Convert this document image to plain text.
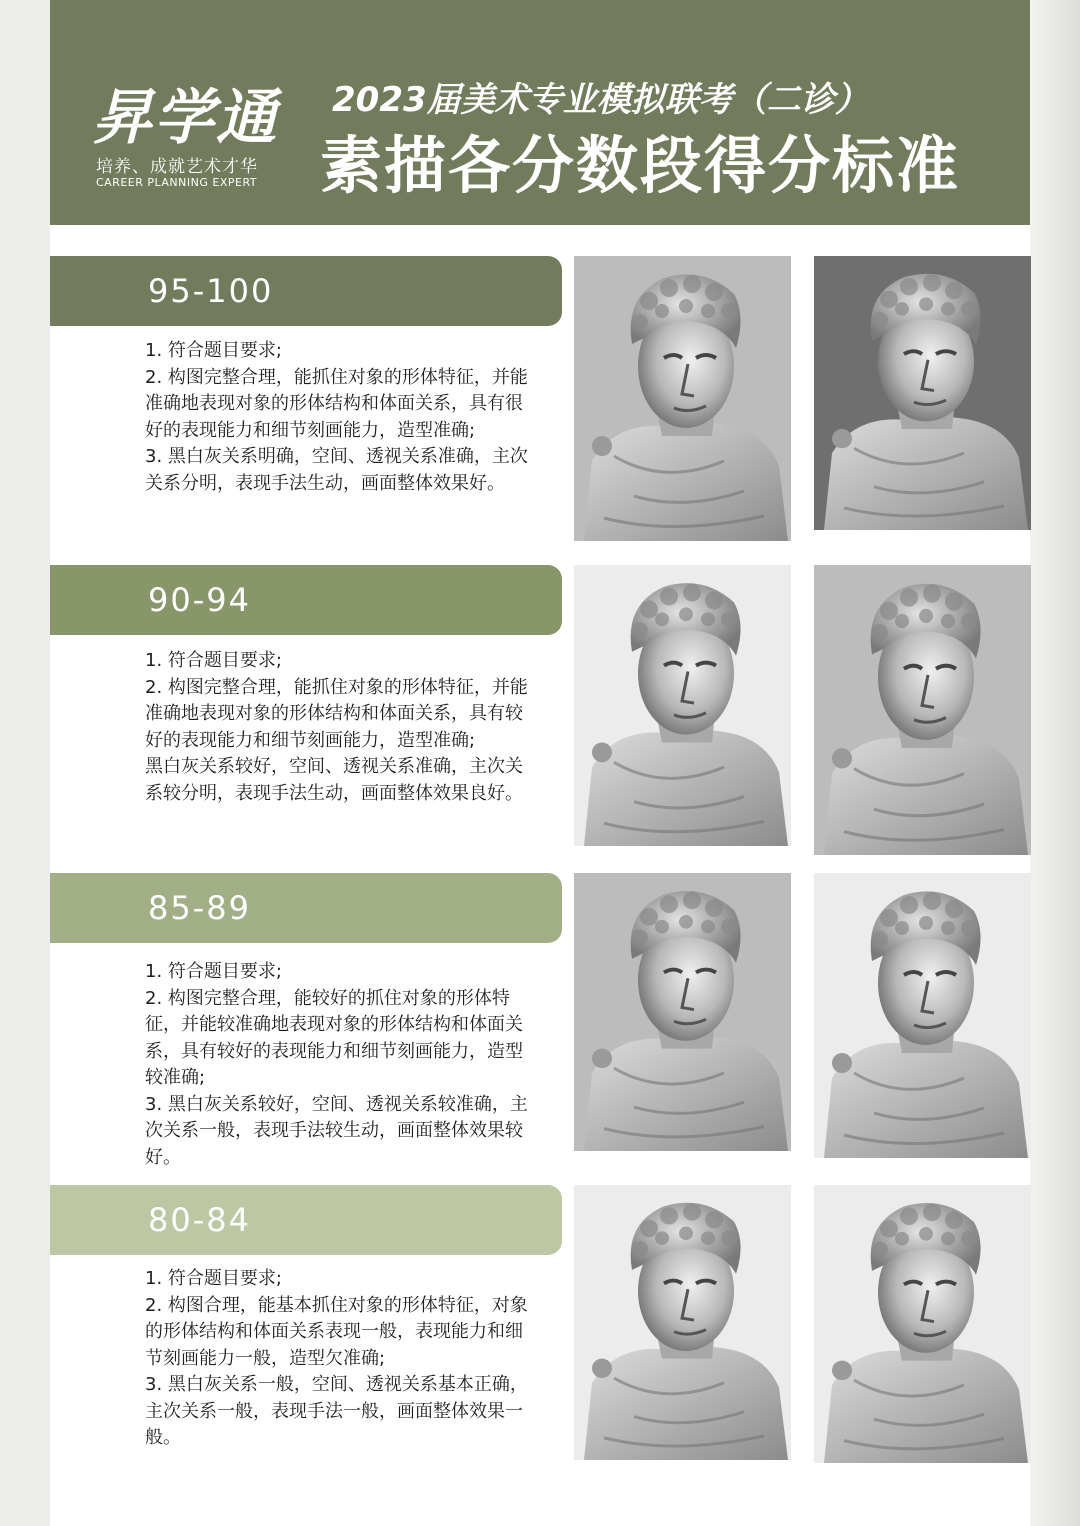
昇学通
培养、成就艺术才华
CAREER PLANNING EXPERT
2023届美术专业模拟联考（二诊）
素描各分数段得分标准
95-100
1. 符合题目要求;
2. 构图完整合理，能抓住对象的形体特征，并能准确地表现对象的形体结构和体面关系，具有很好的表现能力和细节刻画能力，造型准确;
3. 黑白灰关系明确，空间、透视关系准确，主次关系分明，表现手法生动，画面整体效果好。
90-94
1. 符合题目要求;
2. 构图完整合理，能抓住对象的形体特征，并能准确地表现对象的形体结构和体面关系，具有较好的表现能力和细节刻画能力，造型准确;
黑白灰关系较好，空间、透视关系准确，主次关系较分明，表现手法生动，画面整体效果良好。
85-89
1. 符合题目要求;
2. 构图完整合理，能较好的抓住对象的形体特征，并能较准确地表现对象的形体结构和体面关系，具有较好的表现能力和细节刻画能力，造型较准确;
3. 黑白灰关系较好，空间、透视关系较准确，主次关系一般，表现手法较生动，画面整体效果较好。
80-84
1. 符合题目要求;
2. 构图合理，能基本抓住对象的形体特征，对象的形体结构和体面关系表现一般，表现能力和细节刻画能力一般，造型欠准确;
3. 黑白灰关系一般，空间、透视关系基本正确，主次关系一般，表现手法一般，画面整体效果一般。
